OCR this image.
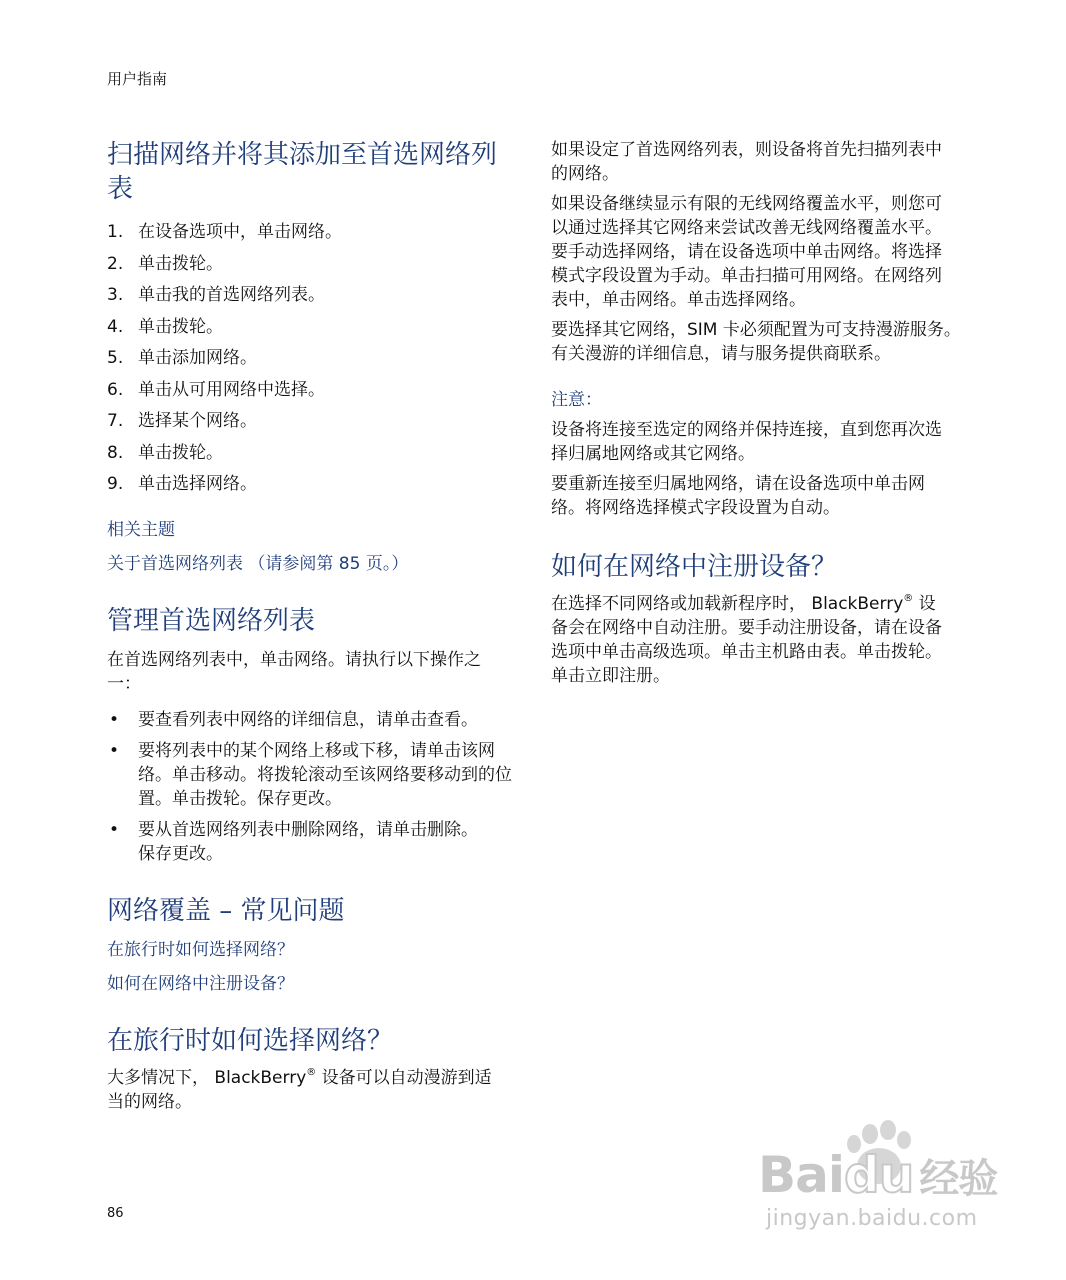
用户指南
扫描网络并将其添加至首选网络列表
1. 在设备选项中，单击网络。
2. 单击拨轮。
3. 单击我的首选网络列表。
4. 单击拨轮。
5. 单击添加网络。
6. 单击从可用网络中选择。
7. 选择某个网络。
8. 单击拨轮。
9. 单击选择网络。

相关主题

关于首选网络列表 （请参阅第 85 页。）
管理首选网络列表

在首选网络列表中，单击网络。请执行以下操作之一：

• 要查看列表中网络的详细信息，请单击查看。
• 要将列表中的某个网络上移或下移，请单击该网络。单击移动。将拨轮滚动至该网络要移动到的位置。单击拨轮。保存更改。
• 要从首选网络列表中删除网络，请单击删除。保存更改。
网络覆盖 – 常见问题
在旅行时如何选择网络？
如何在网络中注册设备？
在旅行时如何选择网络？

大多情况下， BlackBerry® 设备可以自动漫游到适当的网络。

如果设定了首选网络列表，则设备将首先扫描列表中的网络。

如果设备继续显示有限的无线网络覆盖水平，则您可以通过选择其它网络来尝试改善无线网络覆盖水平。要手动选择网络，请在设备选项中单击网络。将选择模式字段设置为手动。单击扫描可用网络。在网络列表中，单击网络。单击选择网络。

要选择其它网络，SIM 卡必须配置为可支持漫游服务。有关漫游的详细信息，请与服务提供商联系。

注意：

设备将连接至选定的网络并保持连接，直到您再次选择归属地网络或其它网络。

要重新连接至归属地网络，请在设备选项中单击网络。将网络选择模式字段设置为自动。

如何在网络中注册设备？

在选择不同网络或加载新程序时， BlackBerry® 设备会在网络中自动注册。要手动注册设备，请在设备选项中单击高级选项。单击主机路由表。单击拨轮。单击立即注册。

86
Baidu 经验
jingyan.baidu.com
